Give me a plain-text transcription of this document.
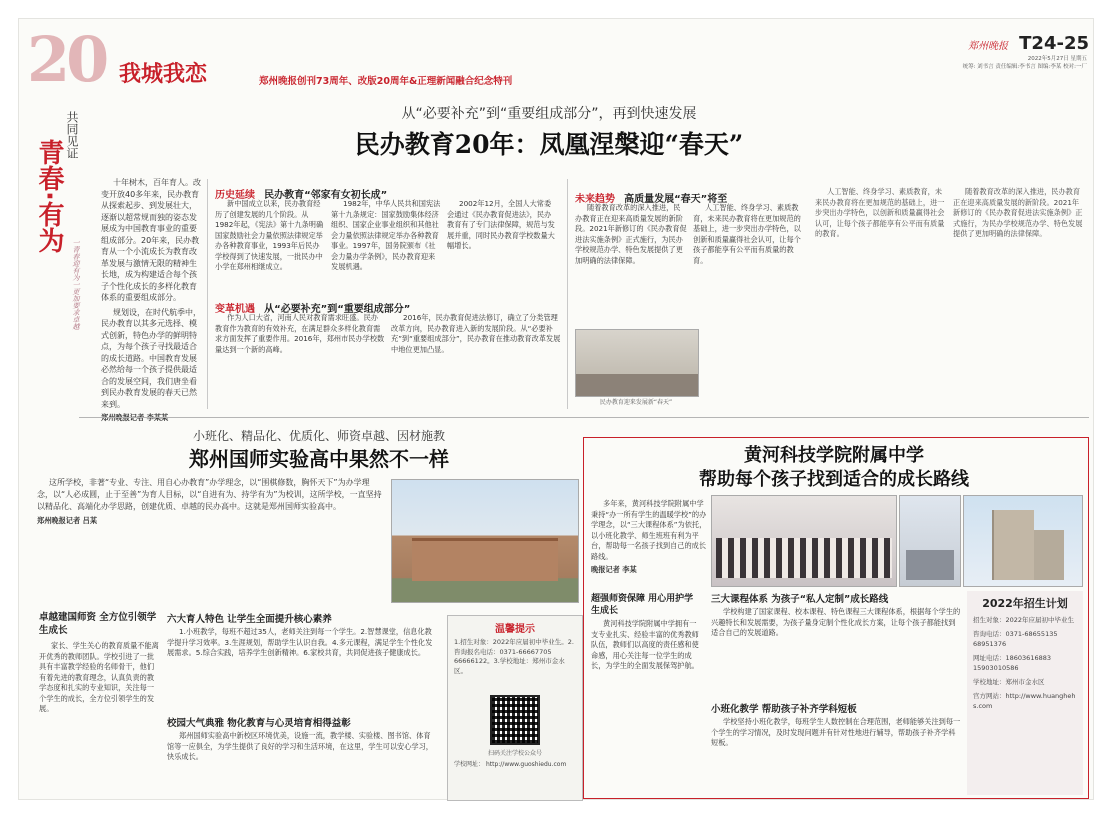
20 我城我恋	郑州晚报创刊73周年、改版20周年&正理新闻融合纪念特刊
郑州晚报 T24-25
2022年5月27日 星期五
统筹: 刘书言 责任编辑:李书言 图编:李某 校对:一厂
共同见证
青春·有为
一青春迎有为一更加要求卓越
从“必要补充”到“重要组成部分”，再到快速发展
民办教育20年：凤凰涅槃迎“春天”

十年树木，百年育人。改变开放40多年来，民办教育从探索起步、到发展壮大，逐渐以超常规而独的姿态发展成为中国教育事业的重要组成部分。20年来，民办教育从一个小流成长为教育改革发展与激情无限的精神生长地，成为构建适合每个孩子个性化成长的多样化教育体系的重要组成部分。

规划设，在时代航季中，民办教育以其多元选择、模式创新，特色办学的鲜明特点，为每个孩子寻找最适合的成长道路。中国教育发展必然给每一个孩子提供最适合的发展空间，我们唐坐看到民办教育发展的春天已然来到。

历史延续 民办教育“邻家有女初长成”

新中国成立以来，民办教育经历了创建发展的几个阶段。从1982年起，《宪法》第十九条明确国家鼓励社会力量依照法律规定举办各种教育事业，1993年后民办学校得到了快速发展，一批民办中小学在郑州相继成立。

1982年，中华人民共和国宪法第十九条规定：国家鼓励集体经济组织、国家企业事业组织和其他社会力量依照法律规定举办各种教育事业。1997年，国务院颁布《社会力量办学条例》，民办教育迎来发展机遇。

2002年12月，全国人大常委会通过《民办教育促进法》，民办教育有了专门法律保障，规范与发展并重，同时民办教育学校数量大幅增长。

变革机遇 从“必要补充”到“重要组成部分”

作为人口大省，河南人民对教育需求旺盛。民办教育作为教育的有效补充，在满足群众多样化教育需求方面发挥了重要作用。2016年，郑州市民办学校数量达到一个新的高峰。

2016年，民办教育促进法修订，确立了分类管理改革方向，民办教育进入新的发展阶段。从“必要补充”到“重要组成部分”，民办教育在推动教育改革发展中地位更加凸显。

未来趋势 高质量发展“春天”将至

随着教育改革的深入推进，民办教育正在迎来高质量发展的新阶段。2021年新修订的《民办教育促进法实施条例》正式施行，为民办学校规范办学、特色发展提供了更加明确的法律保障。

人工智能、终身学习、素质教育，未来民办教育将在更加规范的基础上，进一步突出办学特色，以创新和质量赢得社会认可，让每个孩子都能享有公平而有质量的教育。

民办教育迎来发展新“春天”

人工智能、终身学习、素质教育，未来民办教育将在更加规范的基础上，进一步突出办学特色，以创新和质量赢得社会认可，让每个孩子都能享有公平而有质量的教育。

随着教育改革的深入推进，民办教育正在迎来高质量发展的新阶段。2021年新修订的《民办教育促进法实施条例》正式施行，为民办学校规范办学、特色发展提供了更加明确的法律保障。

小班化、精品化、优质化、师资卓越、因材施教
郑州国师实验高中果然不一样

这所学校，非著“专业、专注、用自心办教育”办学理念，以“围棋修数，胸怀天下”为办学理念，以“人必成圆，止于至善”为育人目标，以“自进有为、持学有为”为校训，这所学校，一直坚持以精品化、高端化办学思路，创建优质、卓越的民办高中。这就是郑州国师实验高中。

郑州晚报记者 吕某

卓越建国师资 全方位引领学生成长

家长、学生关心的教育质量不能离开优秀的教师团队。学校引进了一批具有丰富教学经验的名师骨干，他们有着先进的教育理念，认真负责的教学态度和扎实的专业知识，关注每一个学生的成长，全方位引领学生的发展。

六大育人特色 让学生全面提升核心素养

1.小班教学，每班不超过35人，老师关注到每一个学生。2.智慧课堂，信息化教学提升学习效率。3.生涯规划，帮助学生认识自我。4.多元课程，满足学生个性化发展需求。5.综合实践，培养学生创新精神。6.家校共育，共同促进孩子健康成长。

校园大气典雅 物化教育与心灵培育相得益彰

郑州国师实验高中新校区环境优美，设施一流，教学楼、实验楼、图书馆、体育馆等一应俱全，为学生提供了良好的学习和生活环境，在这里，学生可以安心学习，快乐成长。

温馨提示
1.招生对象：2022年应届初中毕业生。2.咨询报名电话：0371-66667705 66666122。3.学校地址：郑州市金水区。
扫码关注学校公众号
学校网址： http://www.guoshiedu.com
黄河科技学院附属中学
帮助每个孩子找到适合的成长路线

多年来，黄河科技学院附属中学秉持“办一所有学生的温暖学校”的办学理念，以“三大课程体系”为依托，以小班化教学、师生班班有利为平台，帮助每一名孩子找到自己的成长路线。

晚报记者 李某

超强师资保障 用心用护学生成长

黄河科技学院附属中学拥有一支专业扎实、经验丰富的优秀教师队伍，教师们以高度的责任感和使命感，用心关注每一位学生的成长，为学生的全面发展保驾护航。

三大课程体系 为孩子“私人定制”成长路线

学校构建了国家课程、校本课程、特色课程三大课程体系，根据每个学生的兴趣特长和发展需要，为孩子量身定制个性化成长方案，让每个孩子都能找到适合自己的发展道路。

小班化教学 帮助孩子补齐学科短板

学校坚持小班化教学，每班学生人数控制在合理范围，老师能够关注到每一个学生的学习情况，及时发现问题并有针对性地进行辅导，帮助孩子补齐学科短板。

2022年招生计划
招生对象：2022年应届初中毕业生
咨询电话：0371-68655135 68951376
网址电话：18603616883 15903010586
学校地址：郑州市金水区
官方网站：http://www.huanghehs.com
